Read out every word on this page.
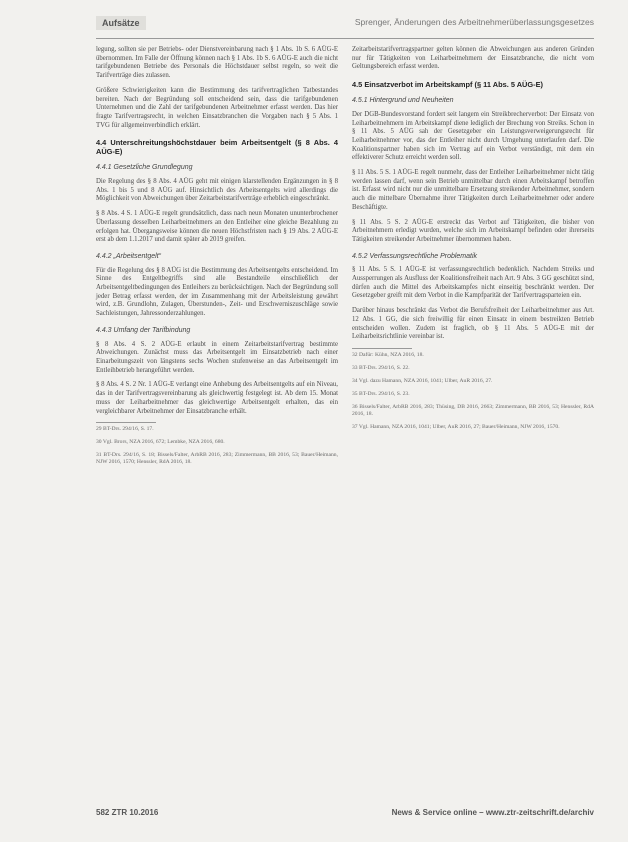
Aufsätze	Sprenger, Änderungen des Arbeitnehmerüberlassungsgesetzes

legung, sollten sie per Betriebs- oder Dienstvereinbarung nach § 1 Abs. 1b S. 6 AÜG-E übernommen. Im Falle der Öffnung können nach § 1 Abs. 1b S. 6 AÜG-E auch die nicht tarifgebundenen Betriebe des Personals die Höchstdauer selbst regeln, so weit die Tarifverträge dies zulassen.

Größere Schwierigkeiten kann die Bestimmung des tarifvertraglichen Tatbestandes bereiten. Nach der Begründung soll entscheidend sein, dass die tarifgebundenen Unternehmen und die Zahl der tarifgebundenen Arbeitnehmer erfasst werden. Das hier fragte Tarifvertragsrecht, in welchen Einsatzbranchen die Vorgaben nach § 5 Abs. 1 TVG für allgemeinverbindlich erklärt.

4.4 Unterschreitungshöchstdauer beim Arbeitsentgelt (§ 8 Abs. 4 AÜG-E)
4.4.1 Gesetzliche Grundlegung

Die Regelung des § 8 Abs. 4 AÜG geht mit einigen klarstellenden Ergänzungen in § 8 Abs. 1 bis 5 und 8 AÜG auf. Hinsichtlich des Arbeitsentgelts wird allerdings die Möglichkeit von Abweichungen über Zeitarbeitstarifverträge erheblich eingeschränkt.

§ 8 Abs. 4 S. 1 AÜG-E regelt grundsätzlich, dass nach neun Monaten ununterbrochener Überlassung desselben Leiharbeitnehmers an den Entleiher eine gleiche Bezahlung zu erfolgen hat. Übergangsweise können die neuen Höchstfristen nach § 19 Abs. 2 AÜG-E erst ab dem 1.1.2017 und damit später ab 2019 greifen.

4.4.2 „Arbeitsentgelt“

Für die Regelung des § 8 AÜG ist die Bestimmung des Arbeitsentgelts entscheidend. Im Sinne des Entgeltbegriffs sind alle Bestandteile einschließlich der Arbeitsentgeltbedingungen des Entleihers zu berücksichtigen. Nach der Begründung soll jeder Betrag erfasst werden, der im Zusammenhang mit der Arbeitsleistung gewährt wird, z.B. Grundlohn, Zulagen, Überstunden-, Zeit- und Erschwerniszuschläge sowie Sachleistungen, Jahressonderzahlungen.

4.4.3 Umfang der Tarifbindung

§ 8 Abs. 4 S. 2 AÜG-E erlaubt in einem Zeitarbeitstarifvertrag bestimmte Abweichungen. Zunächst muss das Arbeitsentgelt im Einsatzbetrieb nach einer Einarbeitungszeit von längstens sechs Wochen stufenweise an das Arbeitsentgelt im Entleihbetrieb herangeführt werden.

§ 8 Abs. 4 S. 2 Nr. 1 AÜG-E verlangt eine Anhebung des Arbeitsentgelts auf ein Niveau, das in der Tarifvertragsvereinbarung als gleichwertig festgelegt ist. Ab dem 15. Monat muss der Leiharbeitnehmer das gleichwertige Arbeitsentgelt erhalten, das ein vergleichbarer Arbeitnehmer der Einsatzbranche erhält.

29 BT-Drs. 294/16, S. 17.

30 Vgl. Brors, NZA 2016, 672; Lembke, NZA 2016, 680.

31 BT-Drs. 294/16, S. 18; Bissels/Falter, ArbRB 2016, 283; Zimmermann, BB 2016, 53; Bauer/Heimann, NJW 2016, 1570; Henssler, RdA 2016, 18.

Zeitarbeitstarifvertragspartner gelten können die Abweichungen aus anderen Gründen nur für Tätigkeiten von Leiharbeitnehmern der Einsatzbranche, die nicht vom Geltungsbereich erfasst werden.

4.5 Einsatzverbot im Arbeitskampf (§ 11 Abs. 5 AÜG-E)
4.5.1 Hintergrund und Neuheiten

Der DGB-Bundesvorstand fordert seit langem ein Streikbrecherverbot: Der Einsatz von Leiharbeitnehmern im Arbeitskampf diene lediglich der Brechung von Streiks. Schon in § 11 Abs. 5 AÜG sah der Gesetzgeber ein Leistungsverweigerungsrecht für Leiharbeitnehmer vor, das der Entleiher nicht durch Umgehung unterlaufen darf. Die Koalitionspartner haben sich im Vertrag auf ein Verbot verständigt, mit dem ein effektiverer Schutz erreicht werden soll.

§ 11 Abs. 5 S. 1 AÜG-E regelt nunmehr, dass der Entleiher Leiharbeitnehmer nicht tätig werden lassen darf, wenn sein Betrieb unmittelbar durch einen Arbeitskampf betroffen ist. Erfasst wird nicht nur die unmittelbare Ersetzung streikender Arbeitnehmer, sondern auch die mittelbare Übernahme ihrer Tätigkeiten durch Leiharbeitnehmer oder andere Beschäftigte.

§ 11 Abs. 5 S. 2 AÜG-E erstreckt das Verbot auf Tätigkeiten, die bisher von Arbeitnehmern erledigt wurden, welche sich im Arbeitskampf befinden oder ihrerseits Tätigkeiten streikender Arbeitnehmer übernommen haben.

4.5.2 Verfassungsrechtliche Problematik

§ 11 Abs. 5 S. 1 AÜG-E ist verfassungsrechtlich bedenklich. Nachdem Streiks und Aussperrungen als Ausfluss der Koalitionsfreiheit nach Art. 9 Abs. 3 GG geschützt sind, dürfen auch die Mittel des Arbeitskampfes nicht einseitig beschränkt werden. Der Gesetzgeber greift mit dem Verbot in die Kampfparität der Tarifvertragsparteien ein.

Darüber hinaus beschränkt das Verbot die Berufsfreiheit der Leiharbeitnehmer aus Art. 12 Abs. 1 GG, die sich freiwillig für einen Einsatz in einem bestreikten Betrieb entscheiden wollen. Zudem ist fraglich, ob § 11 Abs. 5 AÜG-E mit der Leiharbeitsrichtlinie vereinbar ist.

32 Dafür: Kühn, NZA 2016, 18.

33 BT-Drs. 294/16, S. 22.

34 Vgl. dazu Hamann, NZA 2016, 1041; Ulber, AuR 2016, 27.

35 BT-Drs. 294/16, S. 23.

36 Bissels/Falter, ArbRB 2016, 283; Thüsing, DB 2016, 2663; Zimmermann, BB 2016, 53; Henssler, RdA 2016, 18.

37 Vgl. Hamann, NZA 2016, 1041; Ulber, AuR 2016, 27; Bauer/Heimann, NJW 2016, 1570.

582 ZTR 10.2016	News & Service online – www.ztr-zeitschrift.de/archiv
